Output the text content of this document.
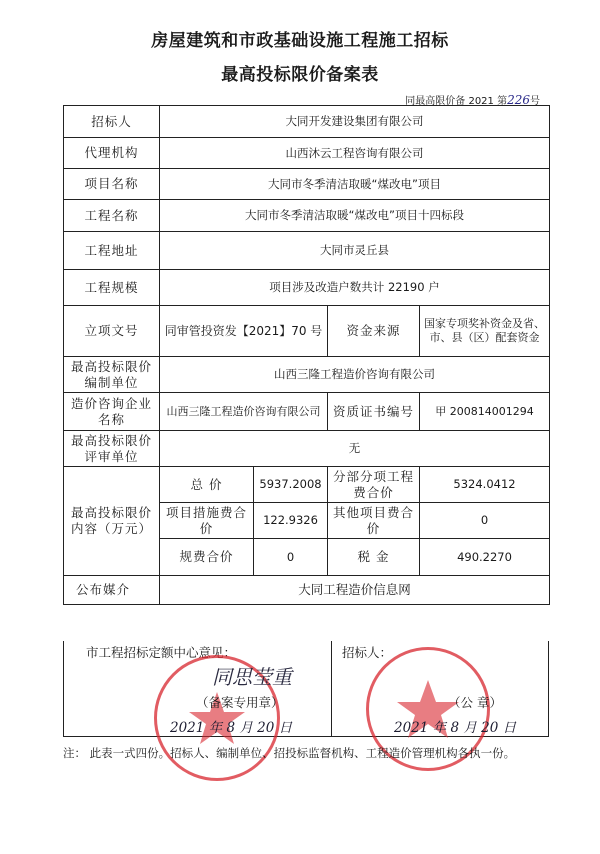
房屋建筑和市政基础设施工程施工招标
最高投标限价备案表
同最高限价备 2021 第226号
招标人	大同开发建设集团有限公司			
代理机构	山西沐云工程咨询有限公司			
项目名称	大同市冬季清洁取暖“煤改电”项目			
工程名称	大同市冬季清洁取暖“煤改电”项目十四标段			
工程地址	大同市灵丘县			
工程规模	项目涉及改造户数共计 22190 户			
立项文号	同审管投资发【2021】70 号		资金来源	国家专项奖补资金及省、市、县（区）配套资金
最高投标限价编制单位	山西三隆工程造价咨询有限公司			
造价咨询企业名称	山西三隆工程造价咨询有限公司		资质证书编号	甲 200814001294
最高投标限价评审单位	无			
最高投标限价内容（万元）	总 价	5937.2008	分部分项工程费合价	5324.0412
	项目措施费合价	122.9326	其他项目费合价	0
	规费合价	0	税 金	490.2270
公布媒介	大同工程造价信息网			
市工程招标定额中心意见：
同思莹重
（备案专用章）
2021 年 8 月 20 日
招标人：
（公 章）
2021 年 8 月 20 日
注： 此表一式四份。招标人、编制单位、招投标监督机构、工程造价管理机构各执一份。
